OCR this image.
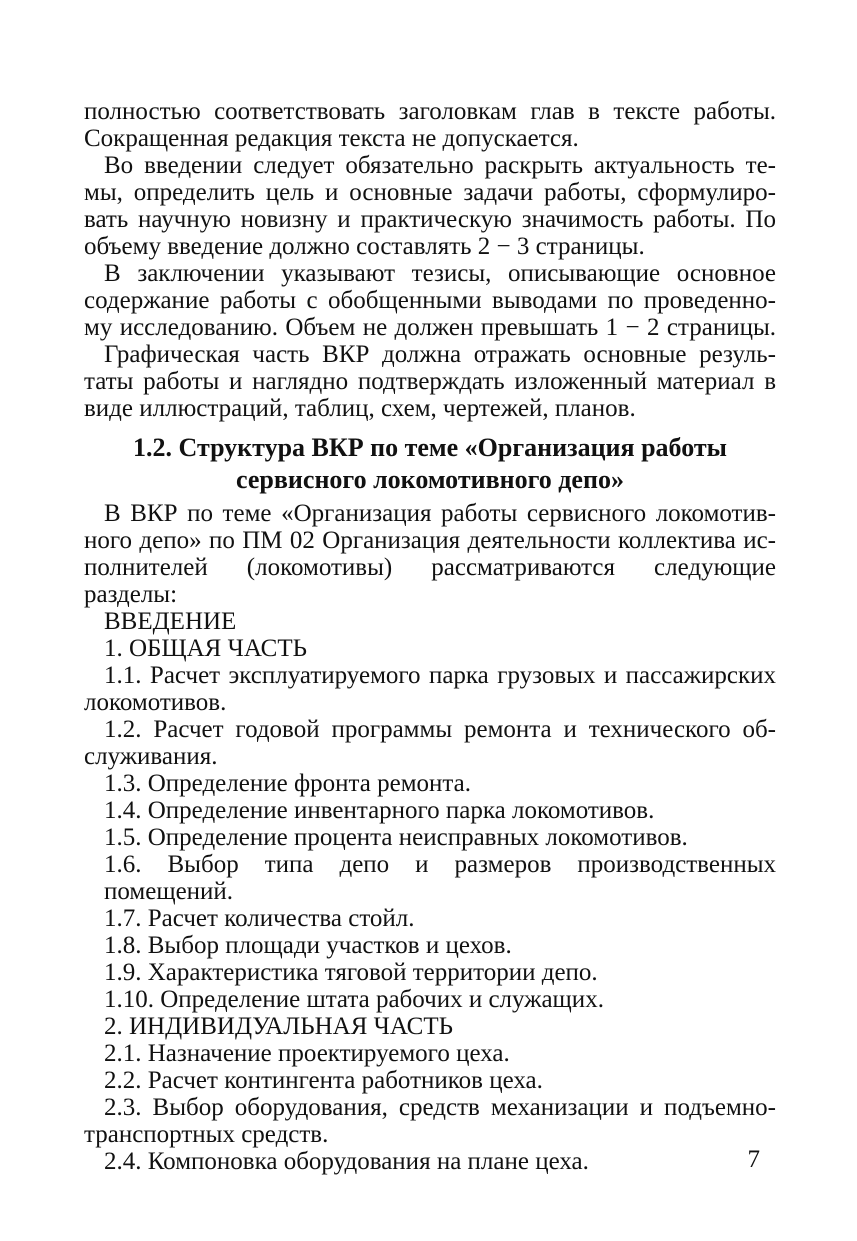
полностью соответствовать заголовкам глав в тексте работы.
Сокращенная редакция текста не допускается.
Во введении следует обязательно раскрыть актуальность те-
мы, определить цель и основные задачи работы, сформулиро-
вать научную новизну и практическую значимость работы. По
объему введение должно составлять 2 − 3 страницы.
В заключении указывают тезисы, описывающие основное
содержание работы с обобщенными выводами по проведенно-
му исследованию. Объем не должен превышать 1 − 2 страницы.
Графическая часть ВКР должна отражать основные резуль-
таты работы и наглядно подтверждать изложенный материал в
виде иллюстраций, таблиц, схем, чертежей, планов.
1.2. Структура ВКР по теме «Организация работы
сервисного локомотивного депо»
В ВКР по теме «Организация работы сервисного локомотив-
ного депо» по ПМ 02 Организация деятельности коллектива ис-
полнителей (локомотивы) рассматриваются следующие разделы:
ВВЕДЕНИЕ
1. ОБЩАЯ ЧАСТЬ
1.1. Расчет эксплуатируемого парка грузовых и пассажирских
локомотивов.
1.2. Расчет годовой программы ремонта и технического об-
служивания.
1.3. Определение фронта ремонта.
1.4. Определение инвентарного парка локомотивов.
1.5. Определение процента неисправных локомотивов.
1.6. Выбор типа депо и размеров производственных помещений.
1.7. Расчет количества стойл.
1.8. Выбор площади участков и цехов.
1.9. Характеристика тяговой территории депо.
1.10. Определение штата рабочих и служащих.
2. ИНДИВИДУАЛЬНАЯ ЧАСТЬ
2.1. Назначение проектируемого цеха.
2.2. Расчет контингента работников цеха.
2.3. Выбор оборудования, средств механизации и подъемно-
транспортных средств.
2.4. Компоновка оборудования на плане цеха.	7
